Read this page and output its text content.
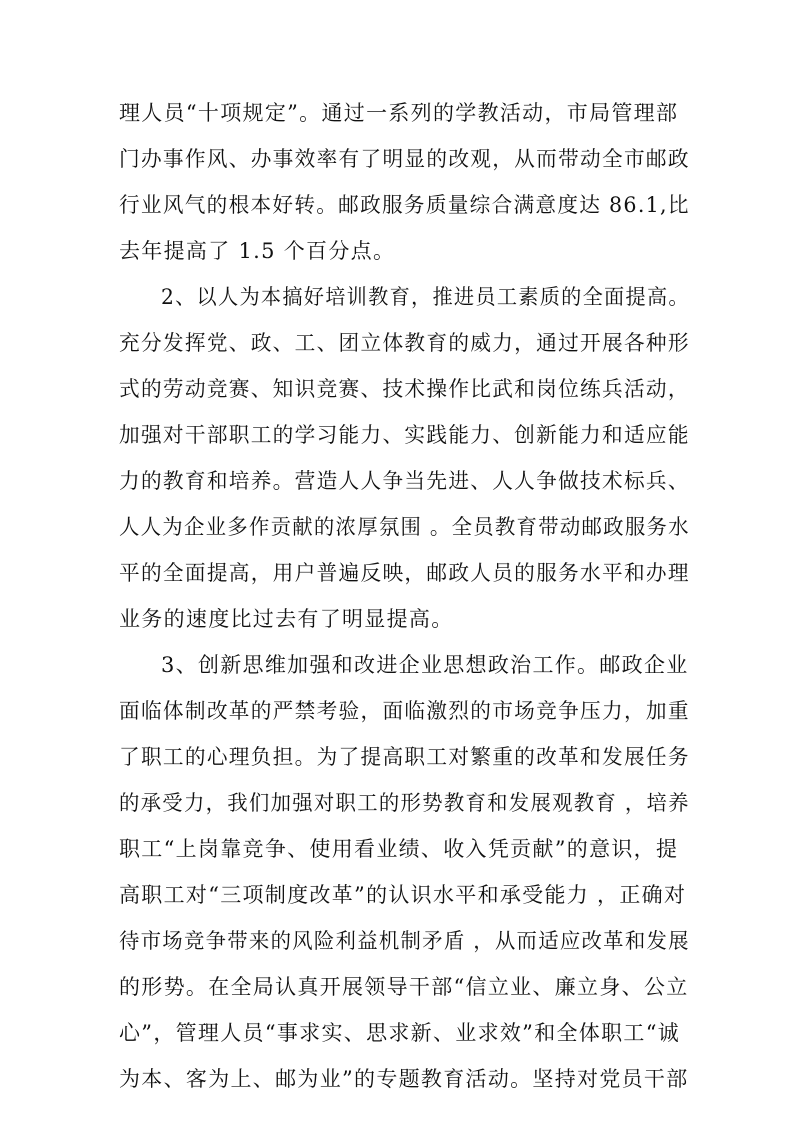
理人员“十项规定”。通过一系列的学教活动，市局管理部
门办事作风、办事效率有了明显的改观，从而带动全市邮政
行业风气的根本好转。邮政服务质量综合满意度达 86.1,比
去年提高了 1.5 个百分点。
2、以人为本搞好培训教育，推进员工素质的全面提高。
充分发挥党、政、工、团立体教育的威力，通过开展各种形
式的劳动竞赛、知识竞赛、技术操作比武和岗位练兵活动，
加强对干部职工的学习能力、实践能力、创新能力和适应能
力的教育和培养。营造人人争当先进、人人争做技术标兵、
人人为企业多作贡献的浓厚氛围 。全员教育带动邮政服务水
平的全面提高，用户普遍反映，邮政人员的服务水平和办理
业务的速度比过去有了明显提高。
3、创新思维加强和改进企业思想政治工作。邮政企业
面临体制改革的严禁考验，面临激烈的市场竞争压力，加重
了职工的心理负担。为了提高职工对繁重的改革和发展任务
的承受力，我们加强对职工的形势教育和发展观教育 ，培养
职工“上岗靠竞争、使用看业绩、收入凭贡献”的意识，提
高职工对“三项制度改革”的认识水平和承受能力 ，正确对
待市场竞争带来的风险利益机制矛盾 ，从而适应改革和发展
的形势。在全局认真开展领导干部“信立业、廉立身、公立
心”，管理人员“事求实、思求新、业求效”和全体职工“诚
为本、客为上、邮为业”的专题教育活动。坚持对党员干部
